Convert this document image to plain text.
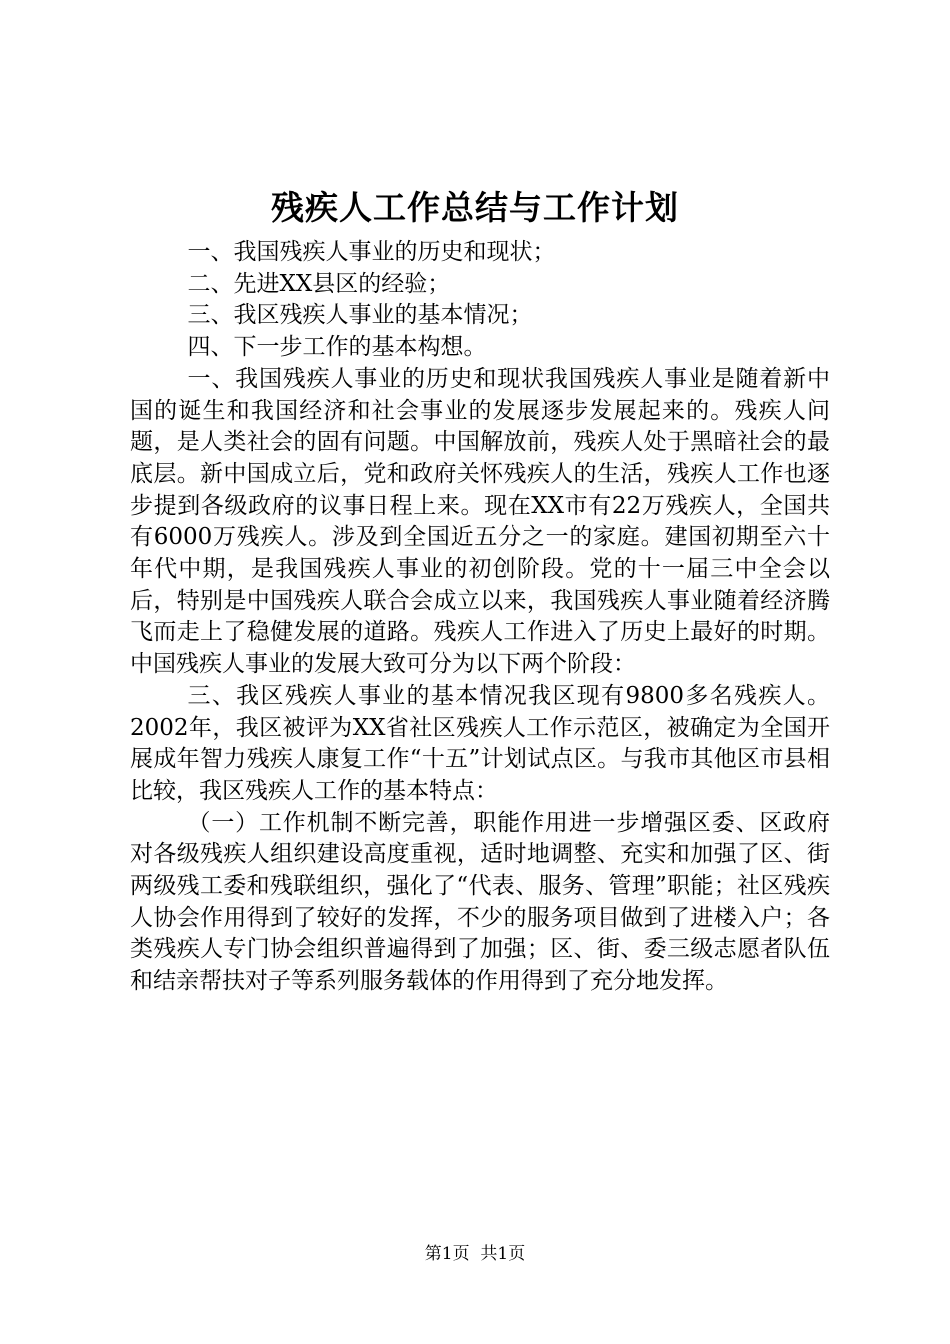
残疾人工作总结与工作计划

一、我国残疾人事业的历史和现状；

二、先进XX县区的经验；

三、我区残疾人事业的基本情况；

四、下一步工作的基本构想。

一、我国残疾人事业的历史和现状我国残疾人事业是随着新中国的诞生和我国经济和社会事业的发展逐步发展起来的。残疾人问题，是人类社会的固有问题。中国解放前，残疾人处于黑暗社会的最底层。新中国成立后，党和政府关怀残疾人的生活，残疾人工作也逐步提到各级政府的议事日程上来。现在XX市有22万残疾人，全国共有6000万残疾人。涉及到全国近五分之一的家庭。建国初期至六十年代中期，是我国残疾人事业的初创阶段。党的十一届三中全会以后，特别是中国残疾人联合会成立以来，我国残疾人事业随着经济腾飞而走上了稳健发展的道路。残疾人工作进入了历史上最好的时期。中国残疾人事业的发展大致可分为以下两个阶段：

三、我区残疾人事业的基本情况我区现有9800多名残疾人。2002年，我区被评为XX省社区残疾人工作示范区，被确定为全国开展成年智力残疾人康复工作“十五”计划试点区。与我市其他区市县相比较，我区残疾人工作的基本特点：

（一）工作机制不断完善，职能作用进一步增强区委、区政府对各级残疾人组织建设高度重视，适时地调整、充实和加强了区、街两级残工委和残联组织，强化了“代表、服务、管理”职能；社区残疾人协会作用得到了较好的发挥，不少的服务项目做到了进楼入户；各类残疾人专门协会组织普遍得到了加强；区、街、委三级志愿者队伍和结亲帮扶对子等系列服务载体的作用得到了充分地发挥。

第1页  共1页
